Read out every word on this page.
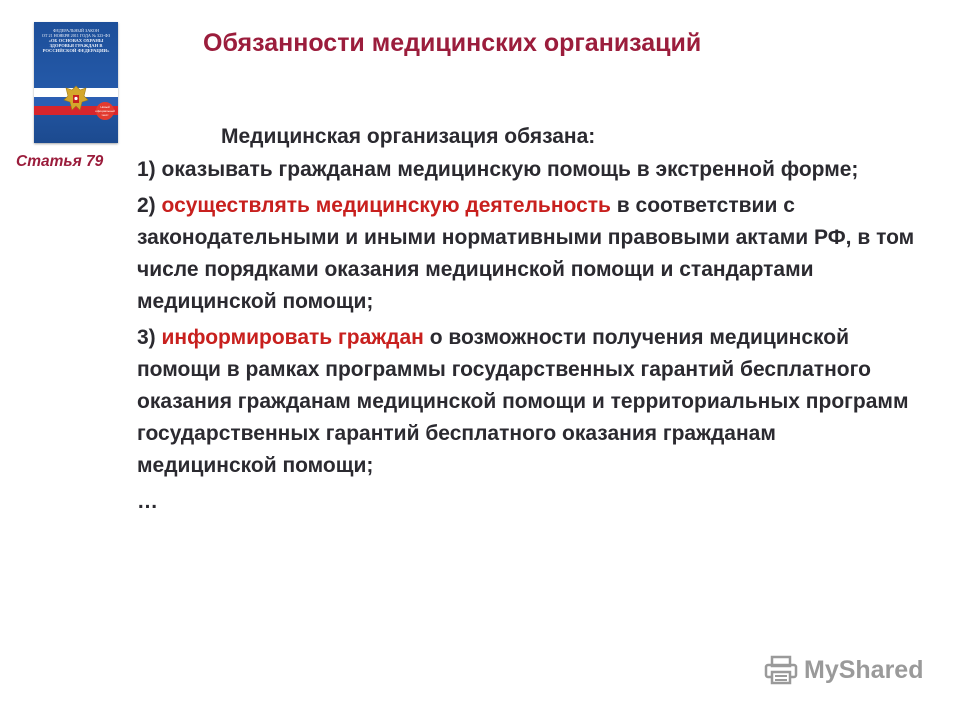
ФЕДЕРАЛЬНЫЙ ЗАКОН
ОТ 21 НОЯБРЯ 2011 ГОДА № 323-ФЗ
«ОБ ОСНОВАХ ОХРАНЫ ЗДОРОВЬЯ ГРАЖДАН В РОССИЙСКОЙ ФЕДЕРАЦИИ»
Новый официальный текст
Статья 79
Обязанности медицинских организаций

Медицинская организация обязана:

1) оказывать гражданам медицинскую помощь в экстренной форме;

2) осуществлять медицинскую деятельность в соответствии с законодательными и иными нормативными правовыми актами РФ, в том числе порядками оказания медицинской помощи и стандартами медицинской помощи;

3) информировать граждан о возможности получения медицинской помощи в рамках программы государственных гарантий бесплатного оказания гражданам медицинской помощи и территориальных программ государственных гарантий бесплатного оказания гражданам медицинской помощи;

…

MyShared
